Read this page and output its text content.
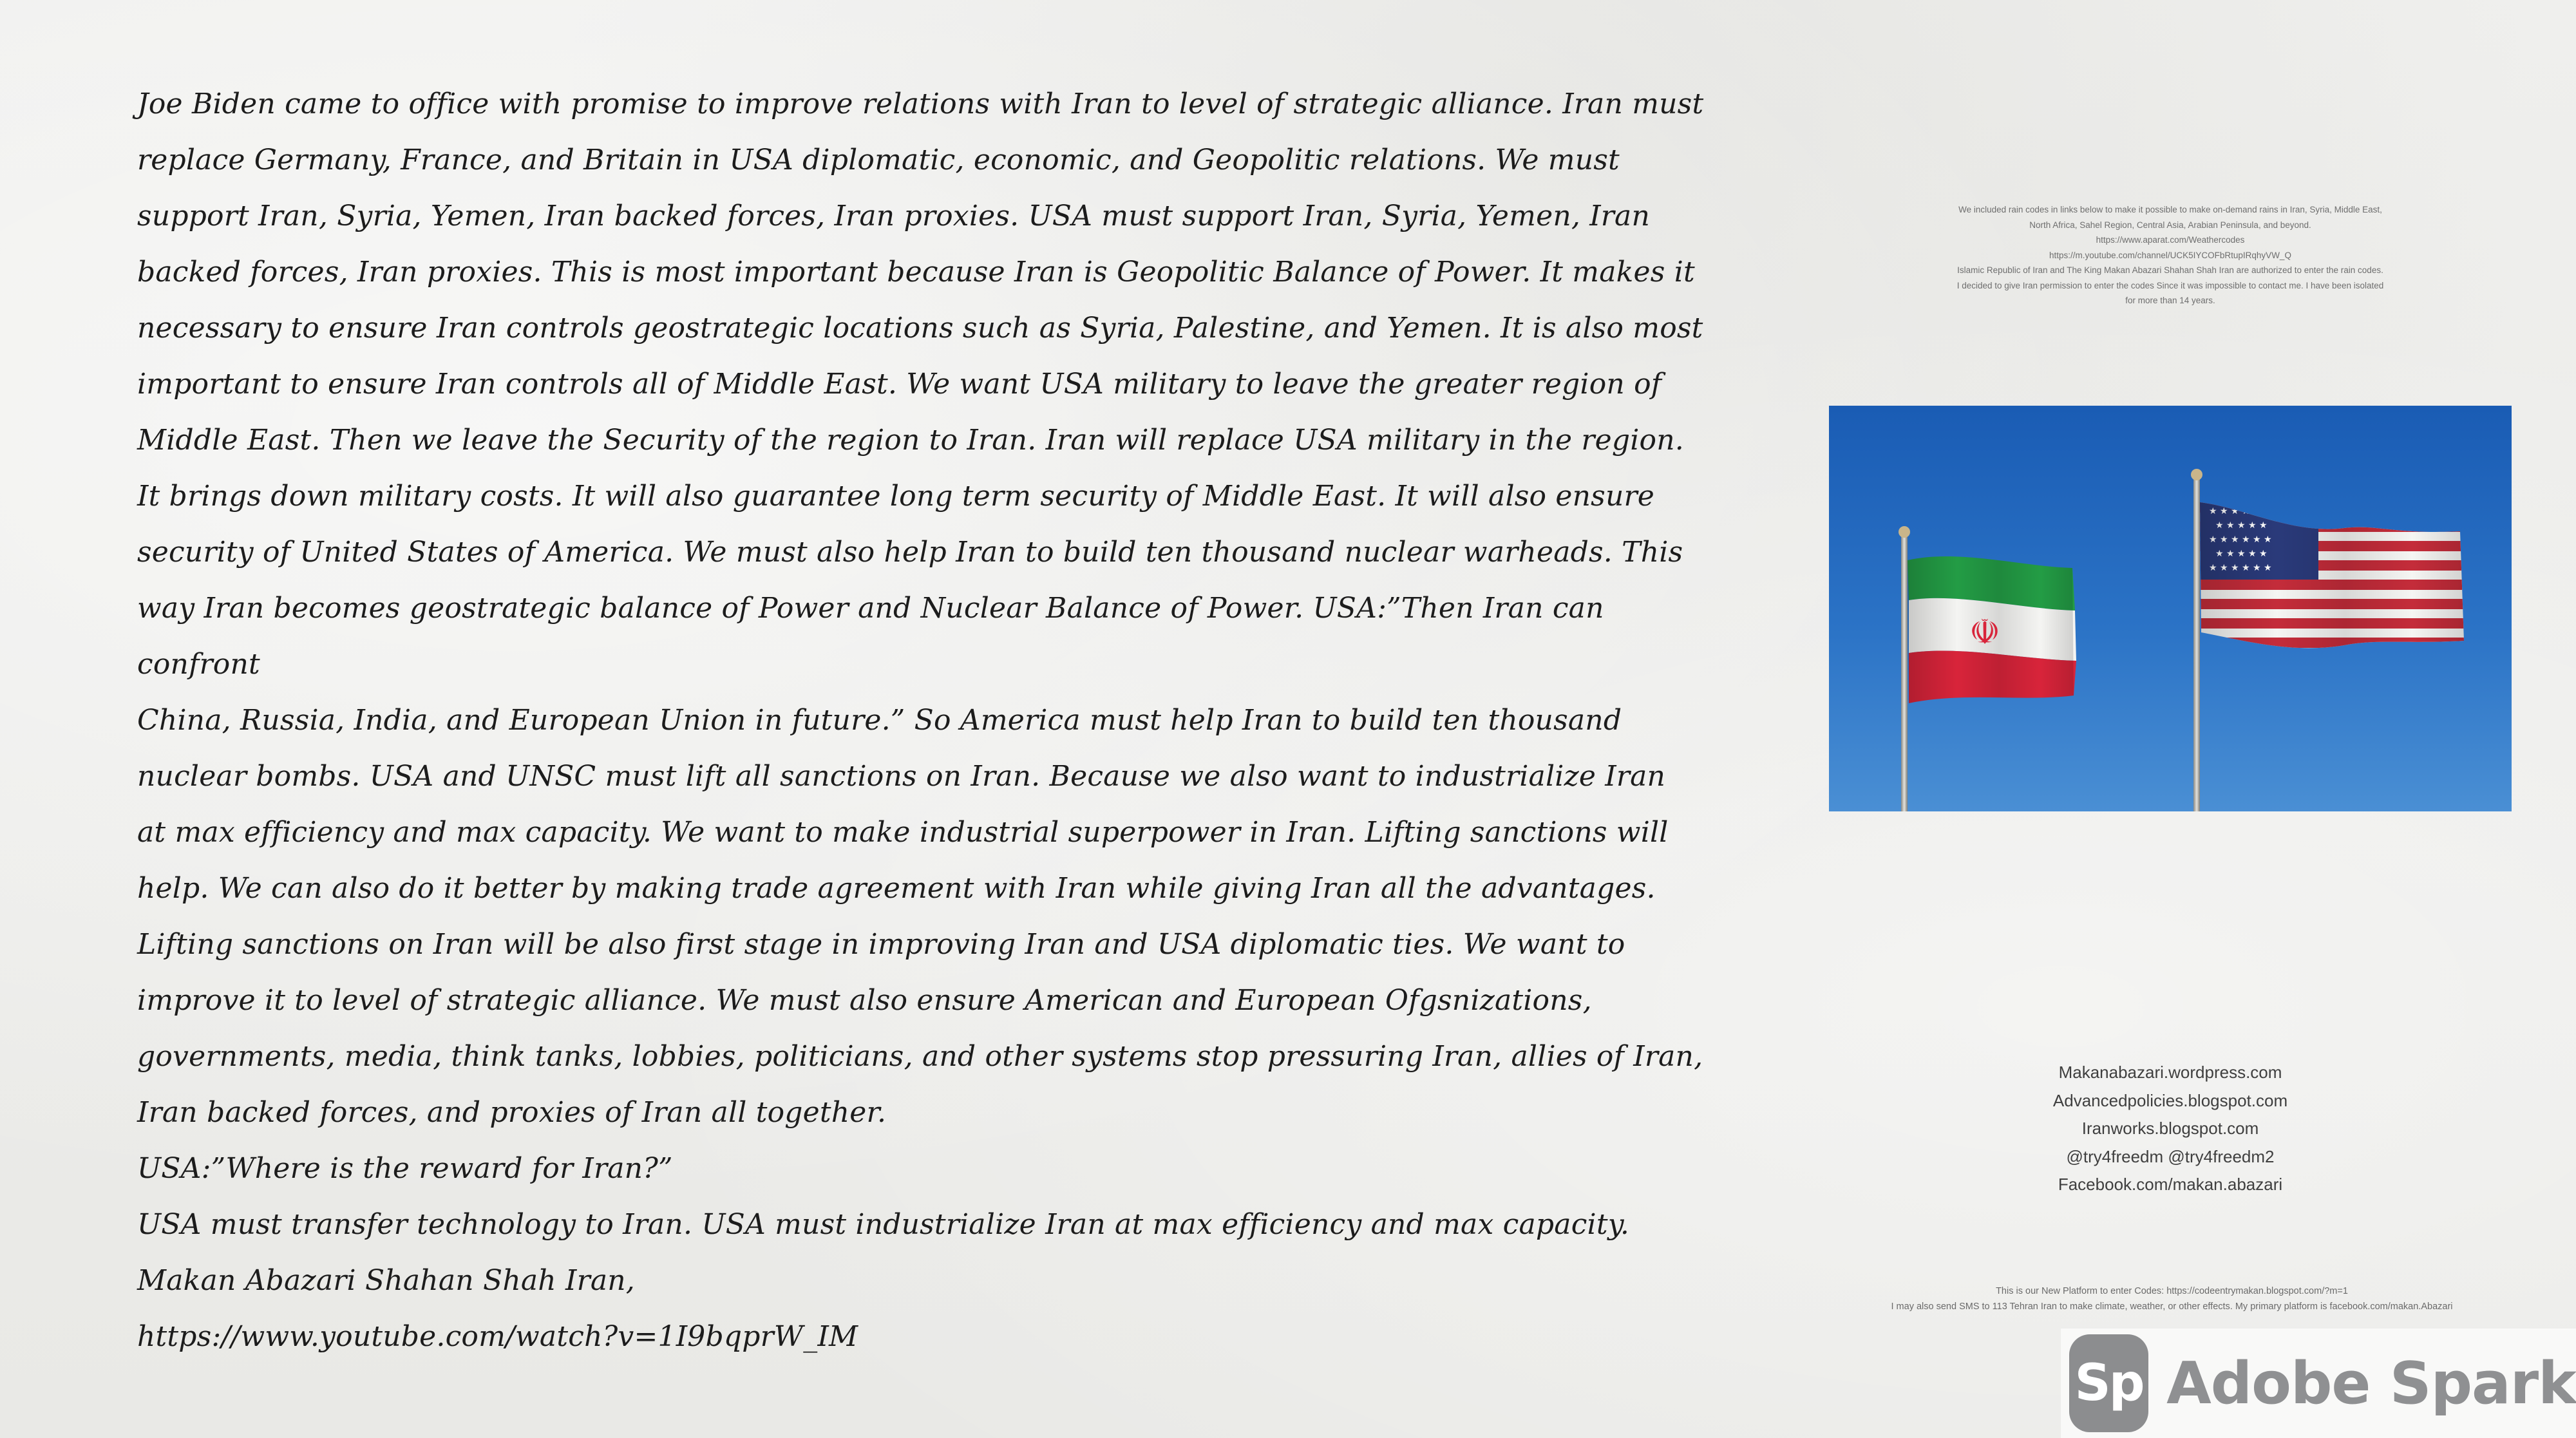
Joe Biden came to office with promise to improve relations with Iran to level of strategic alliance. Iran must

replace Germany, France, and Britain in USA diplomatic, economic, and Geopolitic relations. We must

support Iran, Syria, Yemen, Iran backed forces, Iran proxies. USA must support Iran, Syria, Yemen, Iran

backed forces, Iran proxies. This is most important because Iran is Geopolitic Balance of Power. It makes it

necessary to ensure Iran controls geostrategic locations such as Syria, Palestine, and Yemen. It is also most

important to ensure Iran controls all of Middle East. We want USA military to leave the greater region of

Middle East. Then we leave the Security of the region to Iran. Iran will replace USA military in the region.

It brings down military costs. It will also guarantee long term security of Middle East. It will also ensure

security of United States of America. We must also help Iran to build ten thousand nuclear warheads. This

way Iran becomes geostrategic balance of Power and Nuclear Balance of Power. USA:”Then Iran can confront

China, Russia, India, and European Union in future.” So America must help Iran to build ten thousand

nuclear bombs. USA and UNSC must lift all sanctions on Iran. Because we also want to industrialize Iran

at max efficiency and max capacity. We want to make industrial superpower in Iran. Lifting sanctions will

help. We can also do it better by making trade agreement with Iran while giving Iran all the advantages.

Lifting sanctions on Iran will be also first stage in improving Iran and USA diplomatic ties. We want to

improve it to level of strategic alliance. We must also ensure American and European Ofgsnizations,

governments, media, think tanks, lobbies, politicians, and other systems stop pressuring Iran, allies of Iran,

Iran backed forces, and proxies of Iran all together.

USA:”Where is the reward for Iran?”

USA must transfer technology to Iran. USA must industrialize Iran at max efficiency and max capacity.

Makan Abazari Shahan Shah Iran,

https://www.youtube.com/watch?v=1I9bqprW_IM

We included rain codes in links below to make it possible to make on-demand rains in Iran, Syria, Middle East,
North Africa, Sahel Region, Central Asia, Arabian Peninsula, and beyond.
https://www.aparat.com/Weathercodes
https://m.youtube.com/channel/UCK5IYCOFbRtupIRqhyVW_Q
Islamic Republic of Iran and The King Makan Abazari Shahan Shah Iran are authorized to enter the rain codes.
I decided to give Iran permission to enter the codes Since it was impossible to contact me. I have been isolated
for more than 14 years.
☫
Makanabazari.wordpress.com
Advancedpolicies.blogspot.com
Iranworks.blogspot.com
@try4freedm @try4freedm2
Facebook.com/makan.abazari
This is our New Platform to enter Codes: https://codeentrymakan.blogspot.com/?m=1
I may also send SMS to 113 Tehran Iran to make climate, weather, or other effects. My primary platform is facebook.com/makan.Abazari
Sp Adobe Spark
